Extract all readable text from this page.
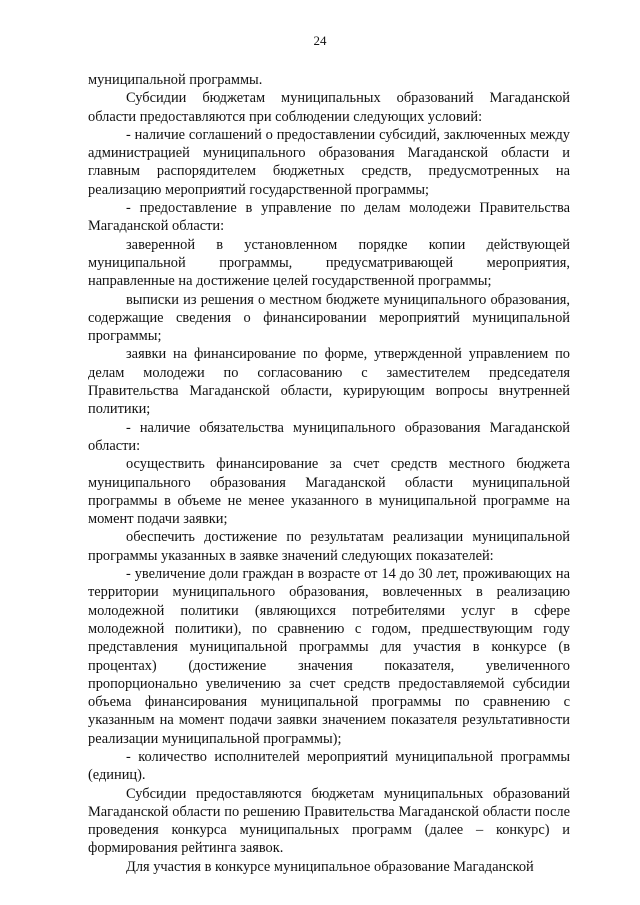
24

муниципальной программы.

Субсидии бюджетам муниципальных образований Магаданской области предоставляются при соблюдении следующих условий:

- наличие соглашений о предоставлении субсидий, заключенных между администрацией муниципального образования Магаданской области и главным распорядителем бюджетных средств, предусмотренных на реализацию мероприятий государственной программы;

- предоставление в управление по делам молодежи Правительства Магаданской области:

заверенной в установленном порядке копии действующей муниципальной программы, предусматривающей мероприятия, направленные на достижение целей государственной программы;

выписки из решения о местном бюджете муниципального образования, содержащие сведения о финансировании мероприятий муниципальной программы;

заявки на финансирование по форме, утвержденной управлением по делам молодежи по согласованию с заместителем председателя Правительства Магаданской области, курирующим вопросы внутренней политики;

- наличие обязательства муниципального образования Магаданской области:

осуществить финансирование за счет средств местного бюджета муниципального образования Магаданской области муниципальной программы в объеме не менее указанного в муниципальной программе на момент подачи заявки;

обеспечить достижение по результатам реализации муниципальной программы указанных в заявке значений следующих показателей:

- увеличение доли граждан в возрасте от 14 до 30 лет, проживающих на территории муниципального образования, вовлеченных в реализацию молодежной политики (являющихся потребителями услуг в сфере молодежной политики), по сравнению с годом, предшествующим году представления муниципальной программы для участия в конкурсе (в процентах) (достижение значения показателя, увеличенного пропорционально увеличению за счет средств предоставляемой субсидии объема финансирования муниципальной программы по сравнению с указанным на момент подачи заявки значением показателя результативности реализации муниципальной программы);

- количество исполнителей мероприятий муниципальной программы (единиц).

Субсидии предоставляются бюджетам муниципальных образований Магаданской области по решению Правительства Магаданской области после проведения конкурса муниципальных программ (далее – конкурс) и формирования рейтинга заявок.

Для участия в конкурсе муниципальное образование Магаданской
